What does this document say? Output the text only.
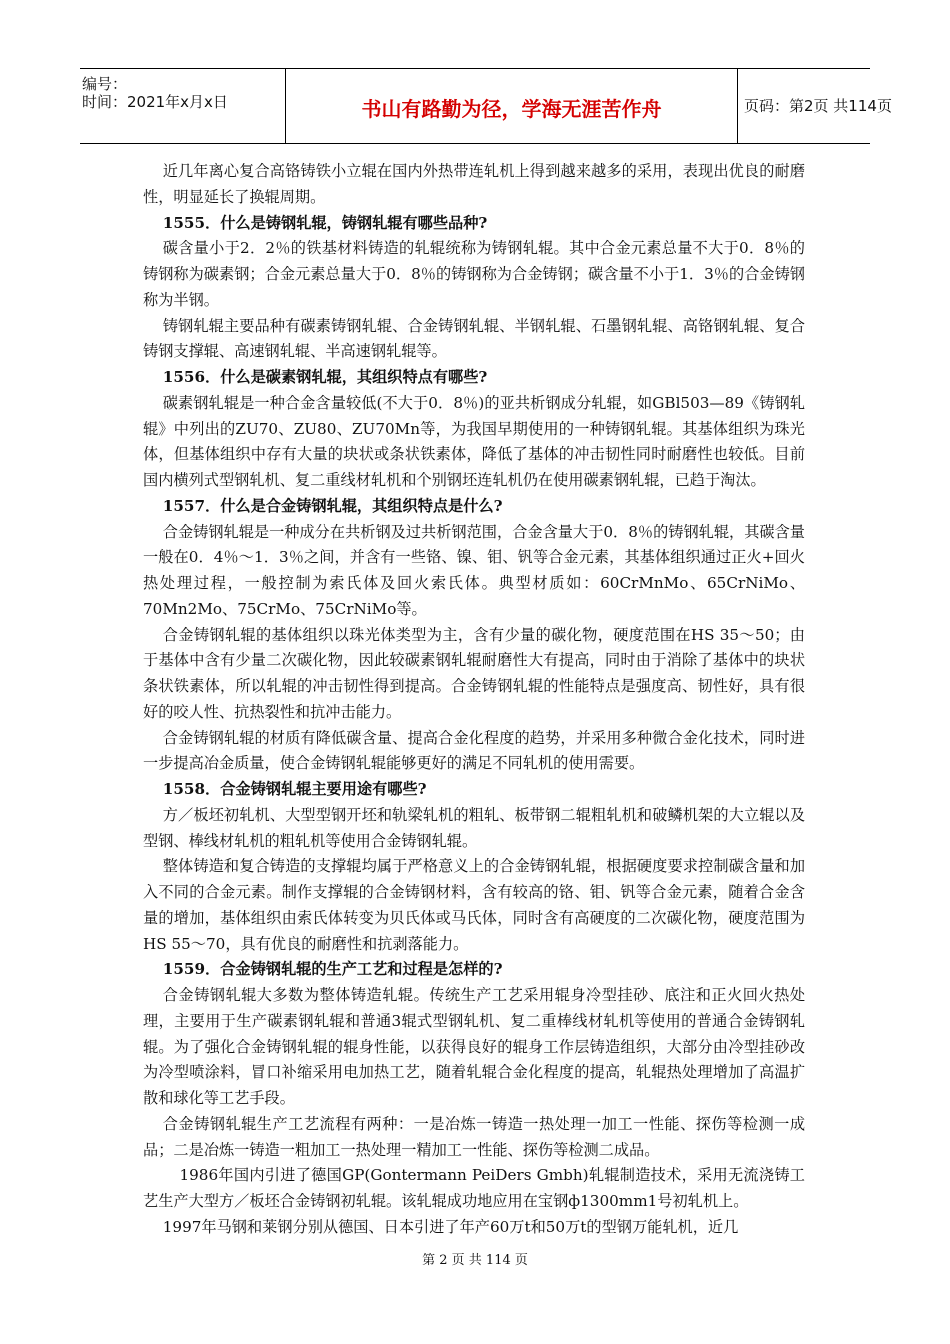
编号：
时间：2021年x月x日	书山有路勤为径，学海无涯苦作舟	页码：第2页 共114页

近几年离心复合高铬铸铁小立辊在国内外热带连轧机上得到越来越多的采用，表现出优良的耐磨性，明显延长了换辊周期。

1555．什么是铸钢轧辊，铸钢轧辊有哪些品种?

碳含量小于2．2％的铁基材料铸造的轧辊统称为铸钢轧辊。其中合金元素总量不大于0．8％的铸钢称为碳素钢；合金元素总量大于0．8％的铸钢称为合金铸钢；碳含量不小于1．3％的合金铸钢称为半钢。

铸钢轧辊主要品种有碳素铸钢轧辊、合金铸钢轧辊、半钢轧辊、石墨钢轧辊、高铬钢轧辊、复合铸钢支撑辊、高速钢轧辊、半高速钢轧辊等。

1556．什么是碳素钢轧辊，其组织特点有哪些?

碳素钢轧辊是一种合金含量较低(不大于0．8％)的亚共析钢成分轧辊，如GBl503—89《铸钢轧辊》中列出的ZU70、ZU80、ZU70Mn等，为我国早期使用的一种铸钢轧辊。其基体组织为珠光体，但基体组织中存有大量的块状或条状铁素体，降低了基体的冲击韧性同时耐磨性也较低。目前国内横列式型钢轧机、复二重线材轧机和个别钢坯连轧机仍在使用碳素钢轧辊，已趋于淘汰。

1557．什么是合金铸钢轧辊，其组织特点是什么?

合金铸钢轧辊是一种成分在共析钢及过共析钢范围，合金含量大于0．8％的铸钢轧辊，其碳含量一般在0．4％～1．3％之间，并含有一些铬、镍、钼、钒等合金元素，其基体组织通过正火+回火热处理过程，一般控制为索氏体及回火索氏体。典型材质如：60CrMnMo、65CrNiMo、70Mn2Mo、75CrMo、75CrNiMo等。

合金铸钢轧辊的基体组织以珠光体类型为主，含有少量的碳化物，硬度范围在HS 35～50；由于基体中含有少量二次碳化物，因此较碳素钢轧辊耐磨性大有提高，同时由于消除了基体中的块状条状铁素体，所以轧辊的冲击韧性得到提高。合金铸钢轧辊的性能特点是强度高、韧性好，具有很好的咬人性、抗热裂性和抗冲击能力。

合金铸钢轧辊的材质有降低碳含量、提高合金化程度的趋势，并采用多种微合金化技术，同时进一步提高冶金质量，使合金铸钢轧辊能够更好的满足不同轧机的使用需要。

1558．合金铸钢轧辊主要用途有哪些?

方／板坯初轧机、大型型钢开坯和轨梁轧机的粗轧、板带钢二辊粗轧机和破鳞机架的大立辊以及型钢、棒线材轧机的粗轧机等使用合金铸钢轧辊。

整体铸造和复合铸造的支撑辊均属于严格意义上的合金铸钢轧辊，根据硬度要求控制碳含量和加入不同的合金元素。制作支撑辊的合金铸钢材料，含有较高的铬、钼、钒等合金元素，随着合金含量的增加，基体组织由索氏体转变为贝氏体或马氏体，同时含有高硬度的二次碳化物，硬度范围为HS 55～70，具有优良的耐磨性和抗剥落能力。

1559．合金铸钢轧辊的生产工艺和过程是怎样的?

合金铸钢轧辊大多数为整体铸造轧辊。传统生产工艺采用辊身冷型挂砂、底注和正火回火热处理，主要用于生产碳素钢轧辊和普通3辊式型钢轧机、复二重棒线材轧机等使用的普通合金铸钢轧辊。为了强化合金铸钢轧辊的辊身性能，以获得良好的辊身工作层铸造组织，大部分由冷型挂砂改为冷型喷涂料，冒口补缩采用电加热工艺，随着轧辊合金化程度的提高，轧辊热处理增加了高温扩散和球化等工艺手段。

合金铸钢轧辊生产工艺流程有两种：一是冶炼一铸造一热处理一加工一性能、探伤等检测一成品；二是冶炼一铸造一粗加工一热处理一精加工一性能、探伤等检测二成品。

1986年国内引进了德国GP(Gontermann PeiDers Gmbh)轧辊制造技术，采用无流浇铸工艺生产大型方／板坯合金铸钢初轧辊。该轧辊成功地应用在宝钢ф1300mm1号初轧机上。

1997年马钢和莱钢分别从德国、日本引进了年产60万t和50万t的型钢万能轧机，近几

第 2 页 共 114 页
